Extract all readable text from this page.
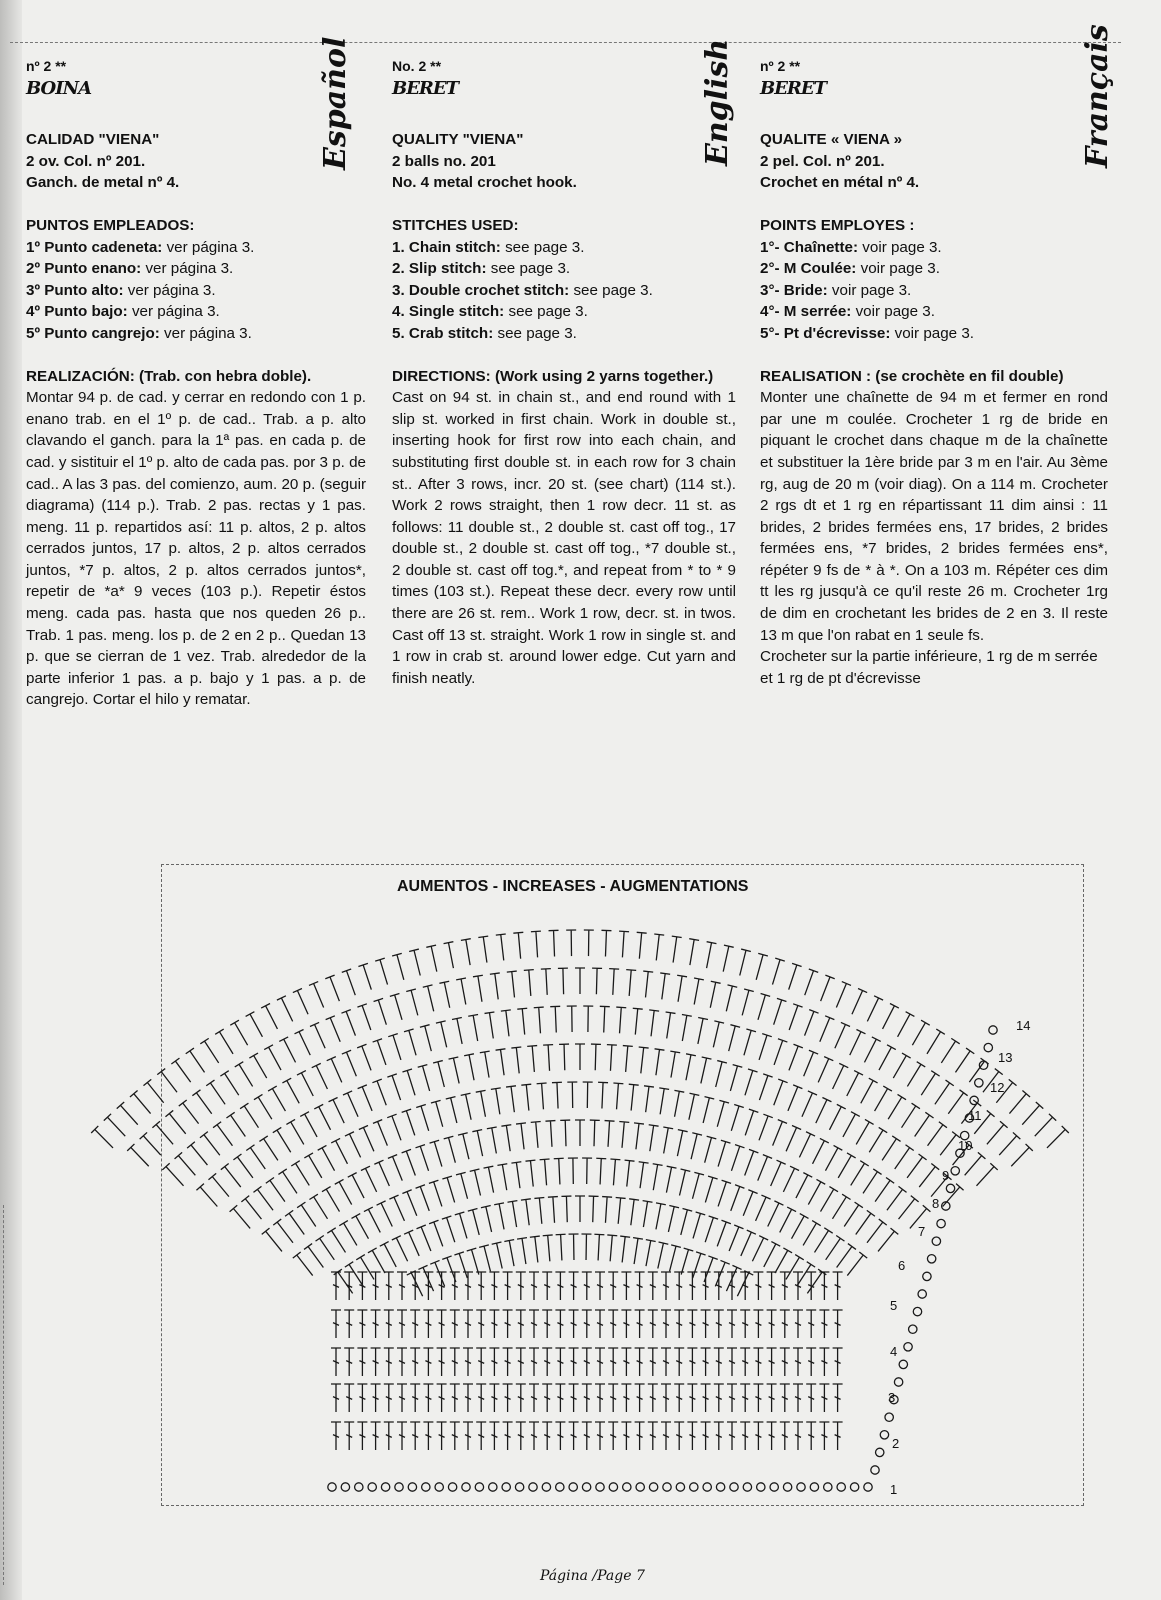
nº 2 **

BOINA

CALIDAD "VIENA"

2 ov. Col. nº 201.

Ganch. de metal nº 4.

PUNTOS EMPLEADOS:

1º Punto cadeneta: ver página 3.

2º Punto enano: ver página 3.

3º Punto alto: ver página 3.

4º Punto bajo: ver página 3.

5º Punto cangrejo: ver página 3.

REALIZACIÓN: (Trab. con hebra doble).

Montar 94 p. de cad. y cerrar en redondo con 1 p. enano trab. en el 1º p. de cad.. Trab. a p. alto clavando el ganch. para la 1ª pas. en cada p. de cad. y sistituir el 1º p. alto de cada pas. por 3 p. de cad.. A las 3 pas. del comienzo, aum. 20 p. (seguir diagrama) (114 p.). Trab. 2 pas. rectas y 1 pas. meng. 11 p. repartidos así: 11 p. altos, 2 p. altos cerrados juntos, 17 p. altos, 2 p. altos cerrados juntos, *7 p. altos, 2 p. altos cerrados juntos*, repetir de *a* 9 veces (103 p.). Repetir éstos meng. cada pas. hasta que nos queden 26 p.. Trab. 1 pas. meng. los p. de 2 en 2 p.. Quedan 13 p. que se cierran de 1 vez. Trab. alrededor de la parte inferior 1 pas. a p. bajo y 1 pas. a p. de cangrejo. Cortar el hilo y rematar.

Español	No. 2 **

BERET

QUALITY "VIENA"

2 balls no. 201

No. 4 metal crochet hook.

STITCHES USED:

1. Chain stitch: see page 3.

2. Slip stitch: see page 3.

3. Double crochet stitch: see page 3.

4. Single stitch: see page 3.

5. Crab stitch: see page 3.

DIRECTIONS: (Work using 2 yarns together.)

Cast on 94 st. in chain st., and end round with 1 slip st. worked in first chain. Work in double st., inserting hook for first row into each chain, and substituting first double st. in each row for 3 chain st.. After 3 rows, incr. 20 st. (see chart) (114 st.). Work 2 rows straight, then 1 row decr. 11 st. as follows: 11 double st., 2 double st. cast off tog., 17 double st., 2 double st. cast off tog., *7 double st., 2 double st. cast off tog.*, and repeat from * to * 9 times (103 st.). Repeat these decr. every row until there are 26 st. rem.. Work 1 row, decr. st. in twos. Cast off 13 st. straight. Work 1 row in single st. and 1 row in crab st. around lower edge. Cut yarn and finish neatly.

English nº 2 **

BERET

QUALITE « VIENA »

2 pel. Col. nº 201.

Crochet en métal nº 4.

POINTS EMPLOYES :

1°- Chaînette: voir page 3.

2°- M Coulée: voir page 3.

3°- Bride: voir page 3.

4°- M serrée: voir page 3.

5°- Pt d'écrevisse: voir page 3.

REALISATION : (se crochète en fil double)

Monter une chaînette de 94 m et fermer en rond par une m coulée. Crocheter 1 rg de bride en piquant le crochet dans chaque m de la chaînette et substituer la 1ère bride par 3 m en l'air. Au 3ème rg, aug de 20 m (voir diag). On a 114 m. Crocheter 2 rgs dt et 1 rg en répartissant 11 dim ainsi : 11 brides, 2 brides fermées ens, 17 brides, 2 brides fermées ens, *7 brides, 2 brides fermées ens*, répéter 9 fs de * à *. On a 103 m. Répéter ces dim tt les rg jusqu'à ce qu'il reste 26 m. Crocheter 1rg de dim en crochetant les brides de 2 en 3. Il reste 13 m que l'on rabat en 1 seule fs.

Crocheter sur la partie inférieure, 1 rg de m serrée et 1 rg de pt d'écrevisse

Français
AUMENTOS - INCREASES - AUGMENTATIONS
1
2
3
4
5
6
7
8
9
10
11
12
13
14
Página /Page 7
